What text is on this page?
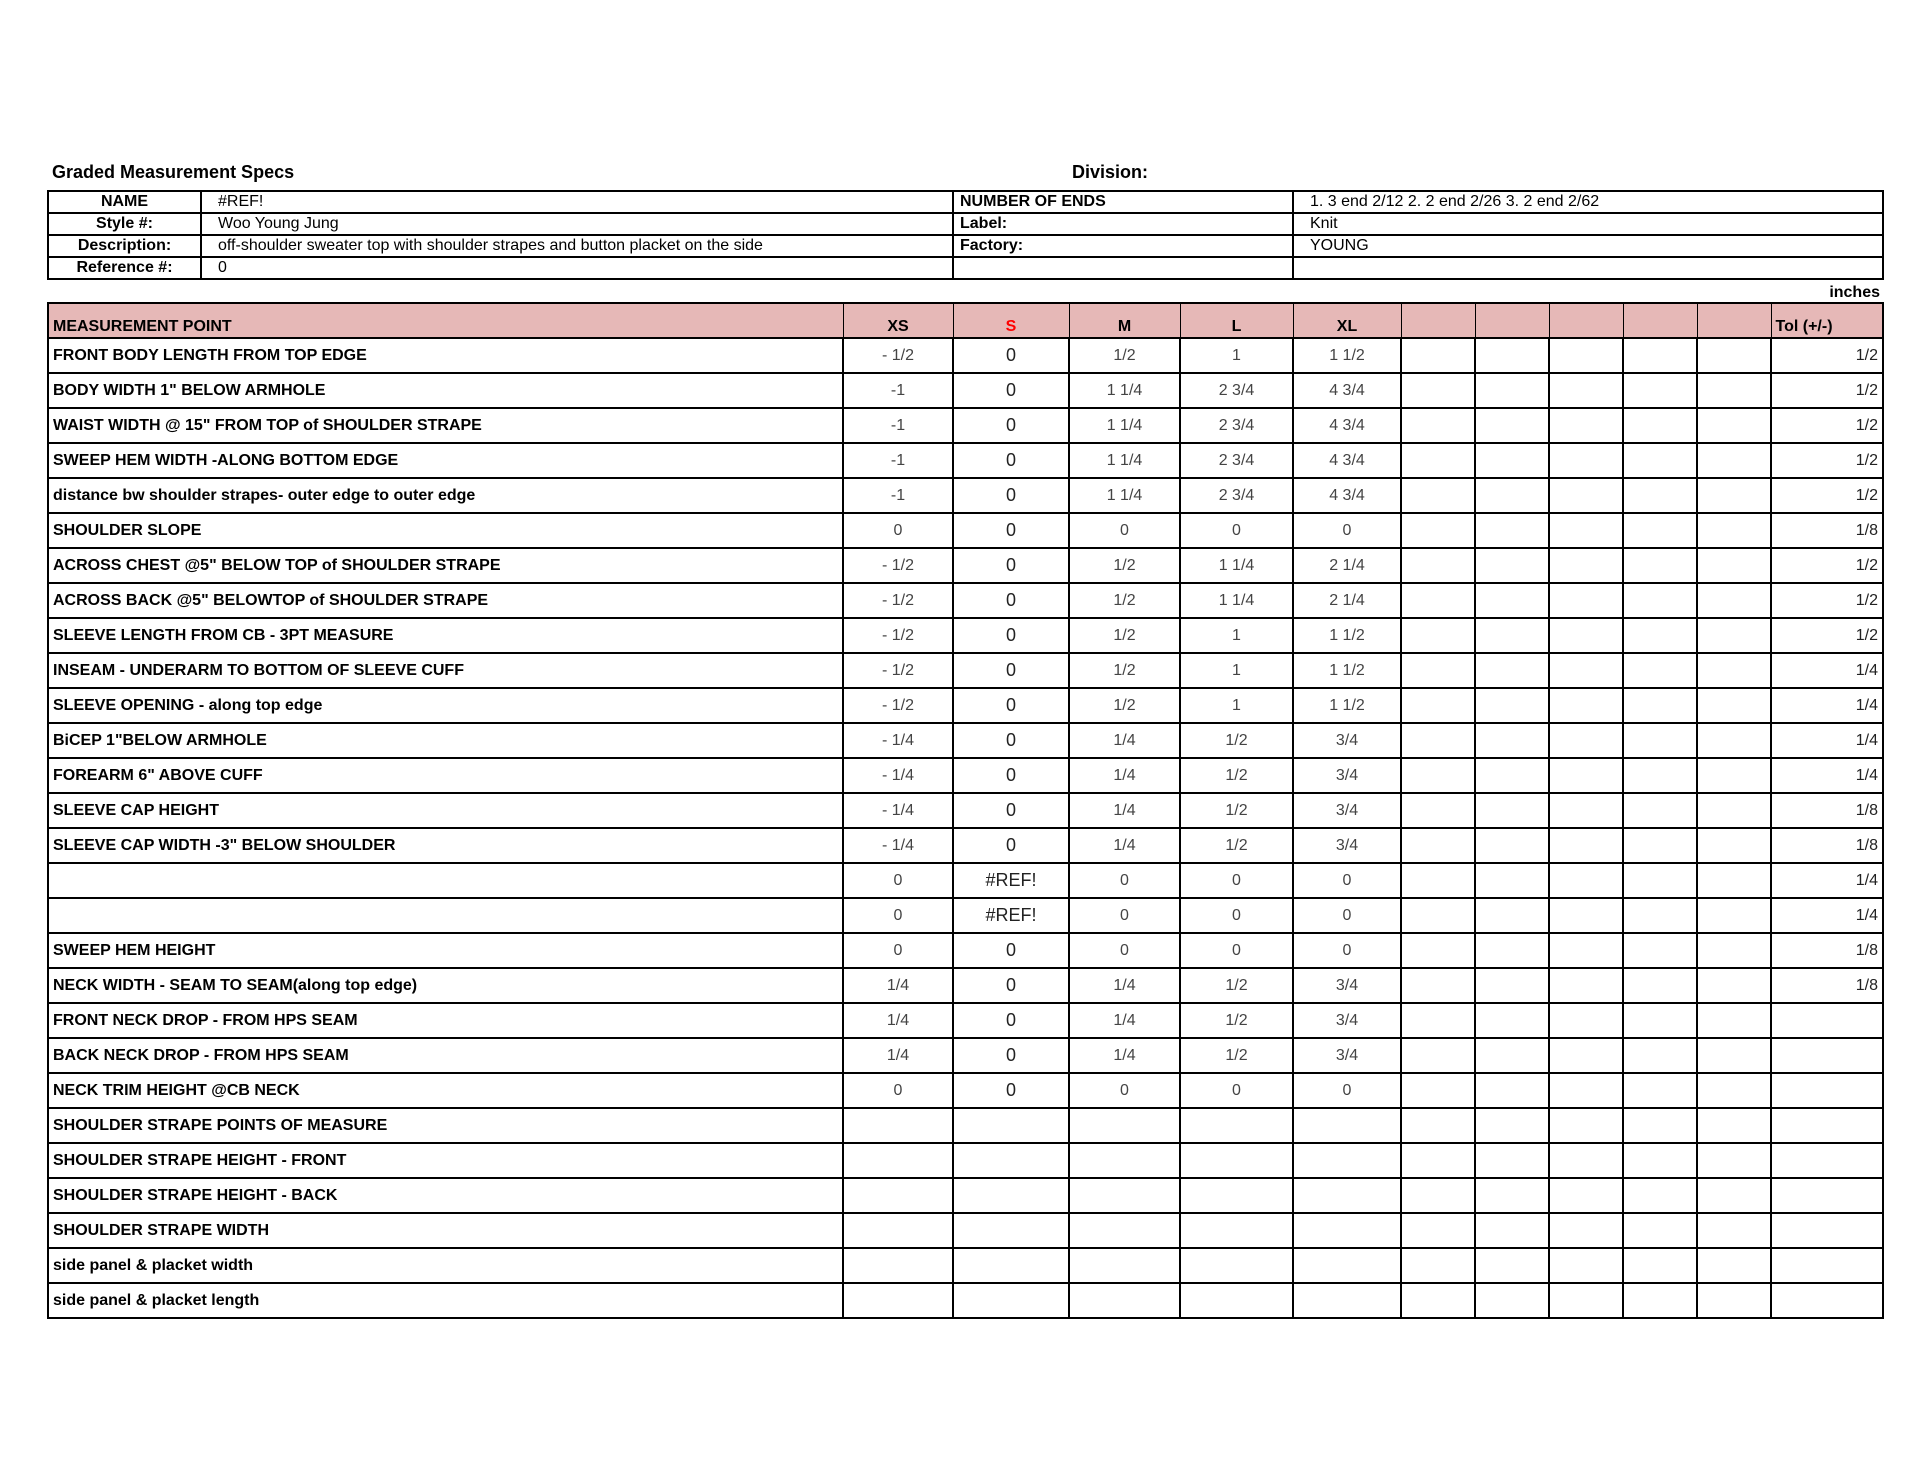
Graded Measurement Specs	Division:
NAME	#REF!	NUMBER OF ENDS	1. 3 end 2/12 2. 2 end 2/26 3. 2 end 2/62
Style #:	Woo Young Jung	Label:	Knit
Description:	off-shoulder sweater top with shoulder strapes and button placket on the side	Factory:	YOUNG
Reference #:	0		
inches
MEASUREMENT POINT	XS	S	M	L	XL						Tol (+/-)
FRONT BODY LENGTH FROM TOP EDGE	- 1/2	0	1/2	1	1 1/2						1/2
BODY WIDTH 1" BELOW ARMHOLE	-1	0	1 1/4	2 3/4	4 3/4						1/2
WAIST WIDTH @ 15" FROM TOP of SHOULDER STRAPE	-1	0	1 1/4	2 3/4	4 3/4						1/2
SWEEP HEM WIDTH -ALONG BOTTOM EDGE	-1	0	1 1/4	2 3/4	4 3/4						1/2
distance bw shoulder strapes- outer edge to outer edge	-1	0	1 1/4	2 3/4	4 3/4						1/2
SHOULDER SLOPE	0	0	0	0	0						1/8
ACROSS CHEST @5" BELOW TOP of SHOULDER STRAPE	- 1/2	0	1/2	1 1/4	2 1/4						1/2
ACROSS BACK @5" BELOWTOP of SHOULDER STRAPE	- 1/2	0	1/2	1 1/4	2 1/4						1/2
SLEEVE LENGTH FROM CB - 3PT MEASURE	- 1/2	0	1/2	1	1 1/2						1/2
INSEAM - UNDERARM TO BOTTOM OF SLEEVE CUFF	- 1/2	0	1/2	1	1 1/2						1/4
SLEEVE OPENING - along top edge	- 1/2	0	1/2	1	1 1/2						1/4
BiCEP 1"BELOW ARMHOLE	- 1/4	0	1/4	1/2	3/4						1/4
FOREARM 6" ABOVE CUFF	- 1/4	0	1/4	1/2	3/4						1/4
SLEEVE CAP HEIGHT	- 1/4	0	1/4	1/2	3/4						1/8
SLEEVE CAP WIDTH -3" BELOW SHOULDER	- 1/4	0	1/4	1/2	3/4						1/8
	0	#REF!	0	0	0						1/4
	0	#REF!	0	0	0						1/4
SWEEP HEM HEIGHT	0	0	0	0	0						1/8
NECK WIDTH - SEAM TO SEAM(along top edge)	1/4	0	1/4	1/2	3/4						1/8
FRONT NECK DROP - FROM HPS SEAM	1/4	0	1/4	1/2	3/4						
BACK NECK DROP - FROM HPS SEAM	1/4	0	1/4	1/2	3/4						
NECK TRIM HEIGHT @CB NECK	0	0	0	0	0						
SHOULDER STRAPE POINTS OF MEASURE											
SHOULDER STRAPE HEIGHT - FRONT											
SHOULDER STRAPE HEIGHT - BACK											
SHOULDER STRAPE WIDTH											
side panel & placket width											
side panel & placket length											
